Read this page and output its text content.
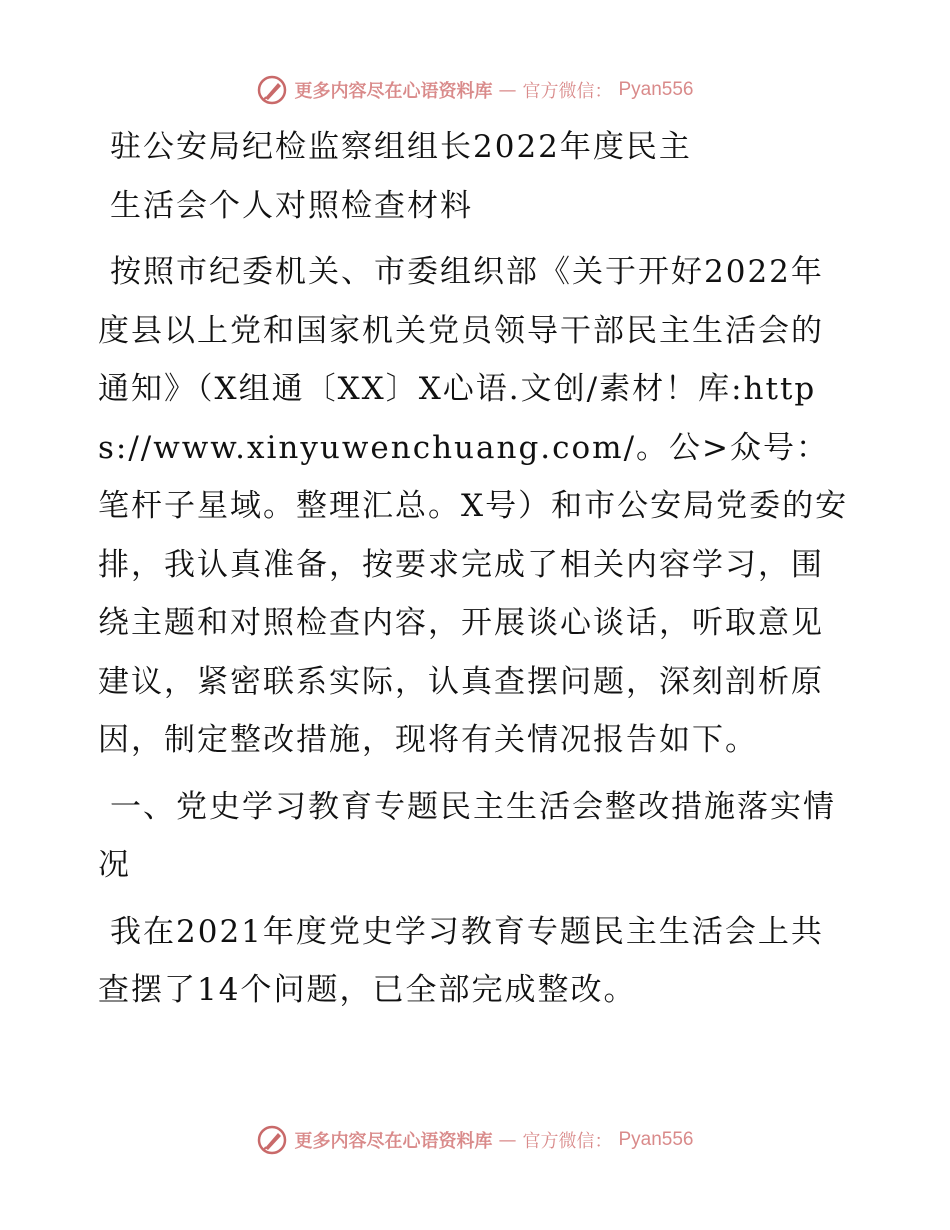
更多内容尽在心语资料库 — 官方微信： Pyan556

驻公安局纪检监察组组长2022年度民主

生活会个人对照检查材料

按照市纪委机关、市委组织部《关于开好2022年度县以上党和国家机关党员领导干部民主生活会的通知》（X组通〔XX〕X心语.文创/素材！库:https://www.xinyuwenchuang.com/。公>众号：笔杆子星域。整理汇总。X号）和市公安局党委的安排，我认真准备，按要求完成了相关内容学习，围绕主题和对照检查内容，开展谈心谈话，听取意见建议，紧密联系实际，认真查摆问题，深刻剖析原因，制定整改措施，现将有关情况报告如下。

一、党史学习教育专题民主生活会整改措施落实情况

我在2021年度党史学习教育专题民主生活会上共查摆了14个问题，已全部完成整改。

更多内容尽在心语资料库 — 官方微信： Pyan556
